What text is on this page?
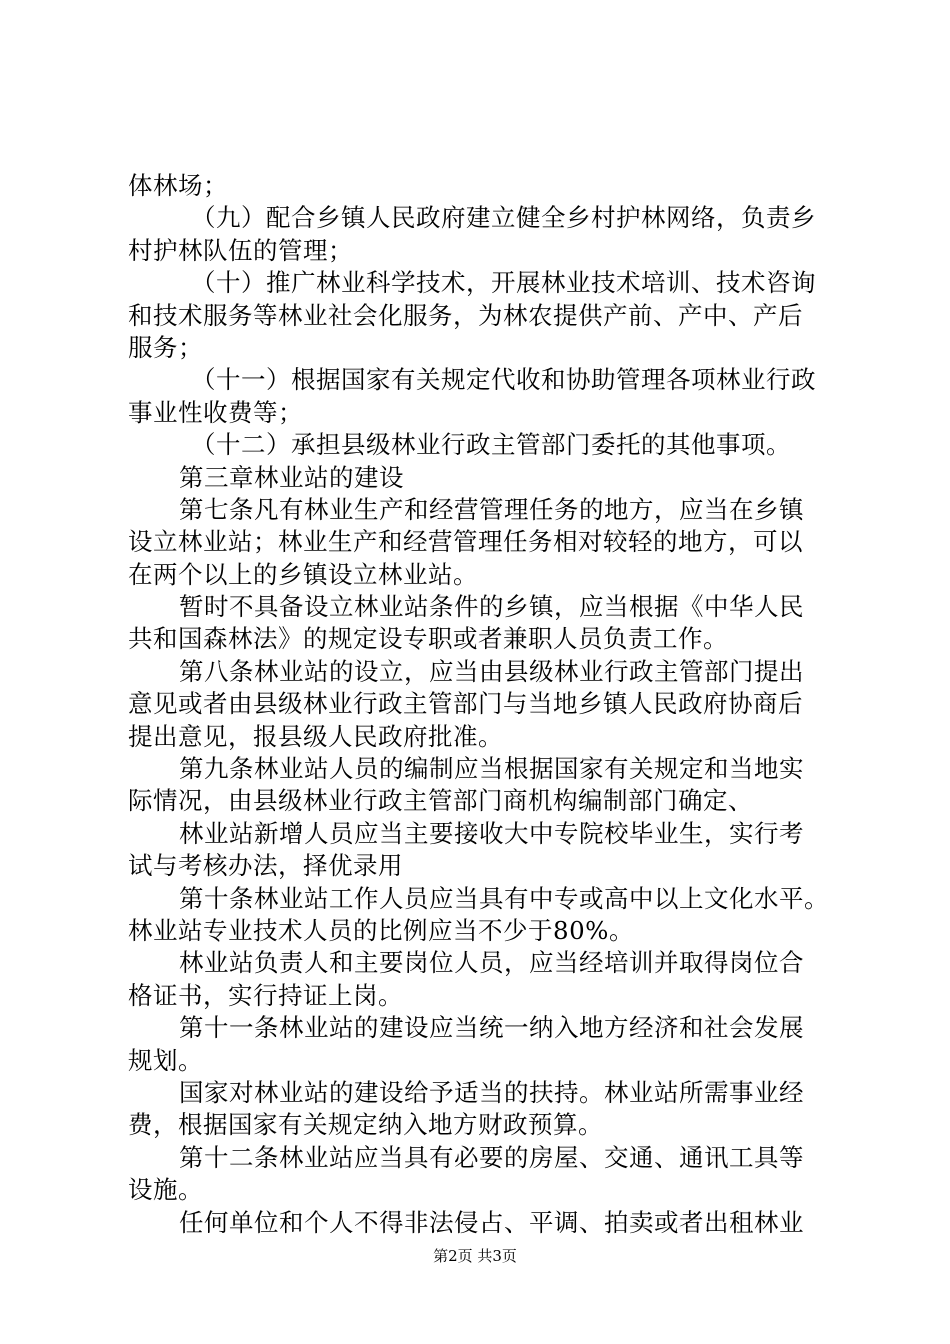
体林场；
（九）配合乡镇人民政府建立健全乡村护林网络，负责乡
村护林队伍的管理；
（十）推广林业科学技术，开展林业技术培训、技术咨询
和技术服务等林业社会化服务，为林农提供产前、产中、产后
服务；
（十一）根据国家有关规定代收和协助管理各项林业行政
事业性收费等；
（十二）承担县级林业行政主管部门委托的其他事项。
第三章林业站的建设
第七条凡有林业生产和经营管理任务的地方，应当在乡镇
设立林业站；林业生产和经营管理任务相对较轻的地方，可以
在两个以上的乡镇设立林业站。
暂时不具备设立林业站条件的乡镇，应当根据《中华人民
共和国森林法》的规定设专职或者兼职人员负责工作。
第八条林业站的设立，应当由县级林业行政主管部门提出
意见或者由县级林业行政主管部门与当地乡镇人民政府协商后
提出意见，报县级人民政府批准。
第九条林业站人员的编制应当根据国家有关规定和当地实
际情况，由县级林业行政主管部门商机构编制部门确定、
林业站新增人员应当主要接收大中专院校毕业生，实行考
试与考核办法，择优录用
第十条林业站工作人员应当具有中专或高中以上文化水平。
林业站专业技术人员的比例应当不少于80%。
林业站负责人和主要岗位人员，应当经培训并取得岗位合
格证书，实行持证上岗。
第十一条林业站的建设应当统一纳入地方经济和社会发展
规划。
国家对林业站的建设给予适当的扶持。林业站所需事业经
费，根据国家有关规定纳入地方财政预算。
第十二条林业站应当具有必要的房屋、交通、通讯工具等
设施。
任何单位和个人不得非法侵占、平调、拍卖或者出租林业
第2页 共3页
